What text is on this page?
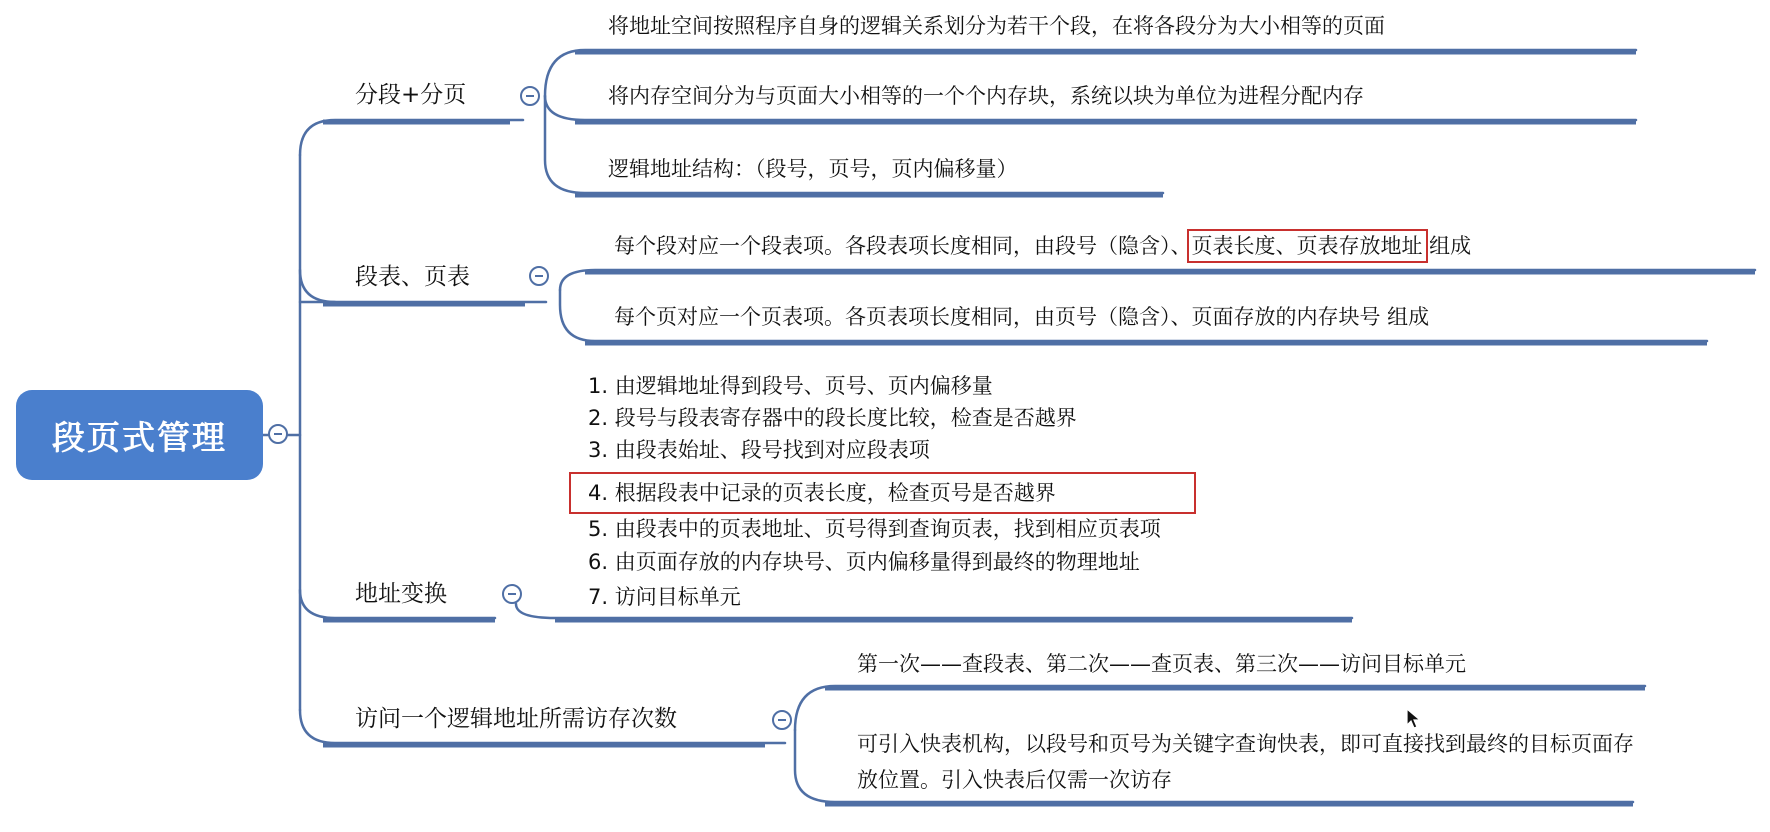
段页式管理
分段+分页
将地址空间按照程序自身的逻辑关系划分为若干个段，在将各段分为大小相等的页面
将内存空间分为与页面大小相等的一个个内存块，系统以块为单位为进程分配内存
逻辑地址结构：（段号，页号，页内偏移量）
段表、页表
每个段对应一个段表项。各段表项长度相同，由段号（隐含）、页表长度、页表存放地址 组成
每个页对应一个页表项。各页表项长度相同，由页号（隐含）、页面存放的内存块号 组成
地址变换
1. 由逻辑地址得到段号、页号、页内偏移量
2. 段号与段表寄存器中的段长度比较，检查是否越界
3. 由段表始址、段号找到对应段表项
4. 根据段表中记录的页表长度，检查页号是否越界
5. 由段表中的页表地址、页号得到查询页表，找到相应页表项
6. 由页面存放的内存块号、页内偏移量得到最终的物理地址
7. 访问目标单元
访问一个逻辑地址所需访存次数
第一次——查段表、第二次——查页表、第三次——访问目标单元
可引入快表机构，以段号和页号为关键字查询快表，即可直接找到最终的目标页面存放位置。引入快表后仅需一次访存
